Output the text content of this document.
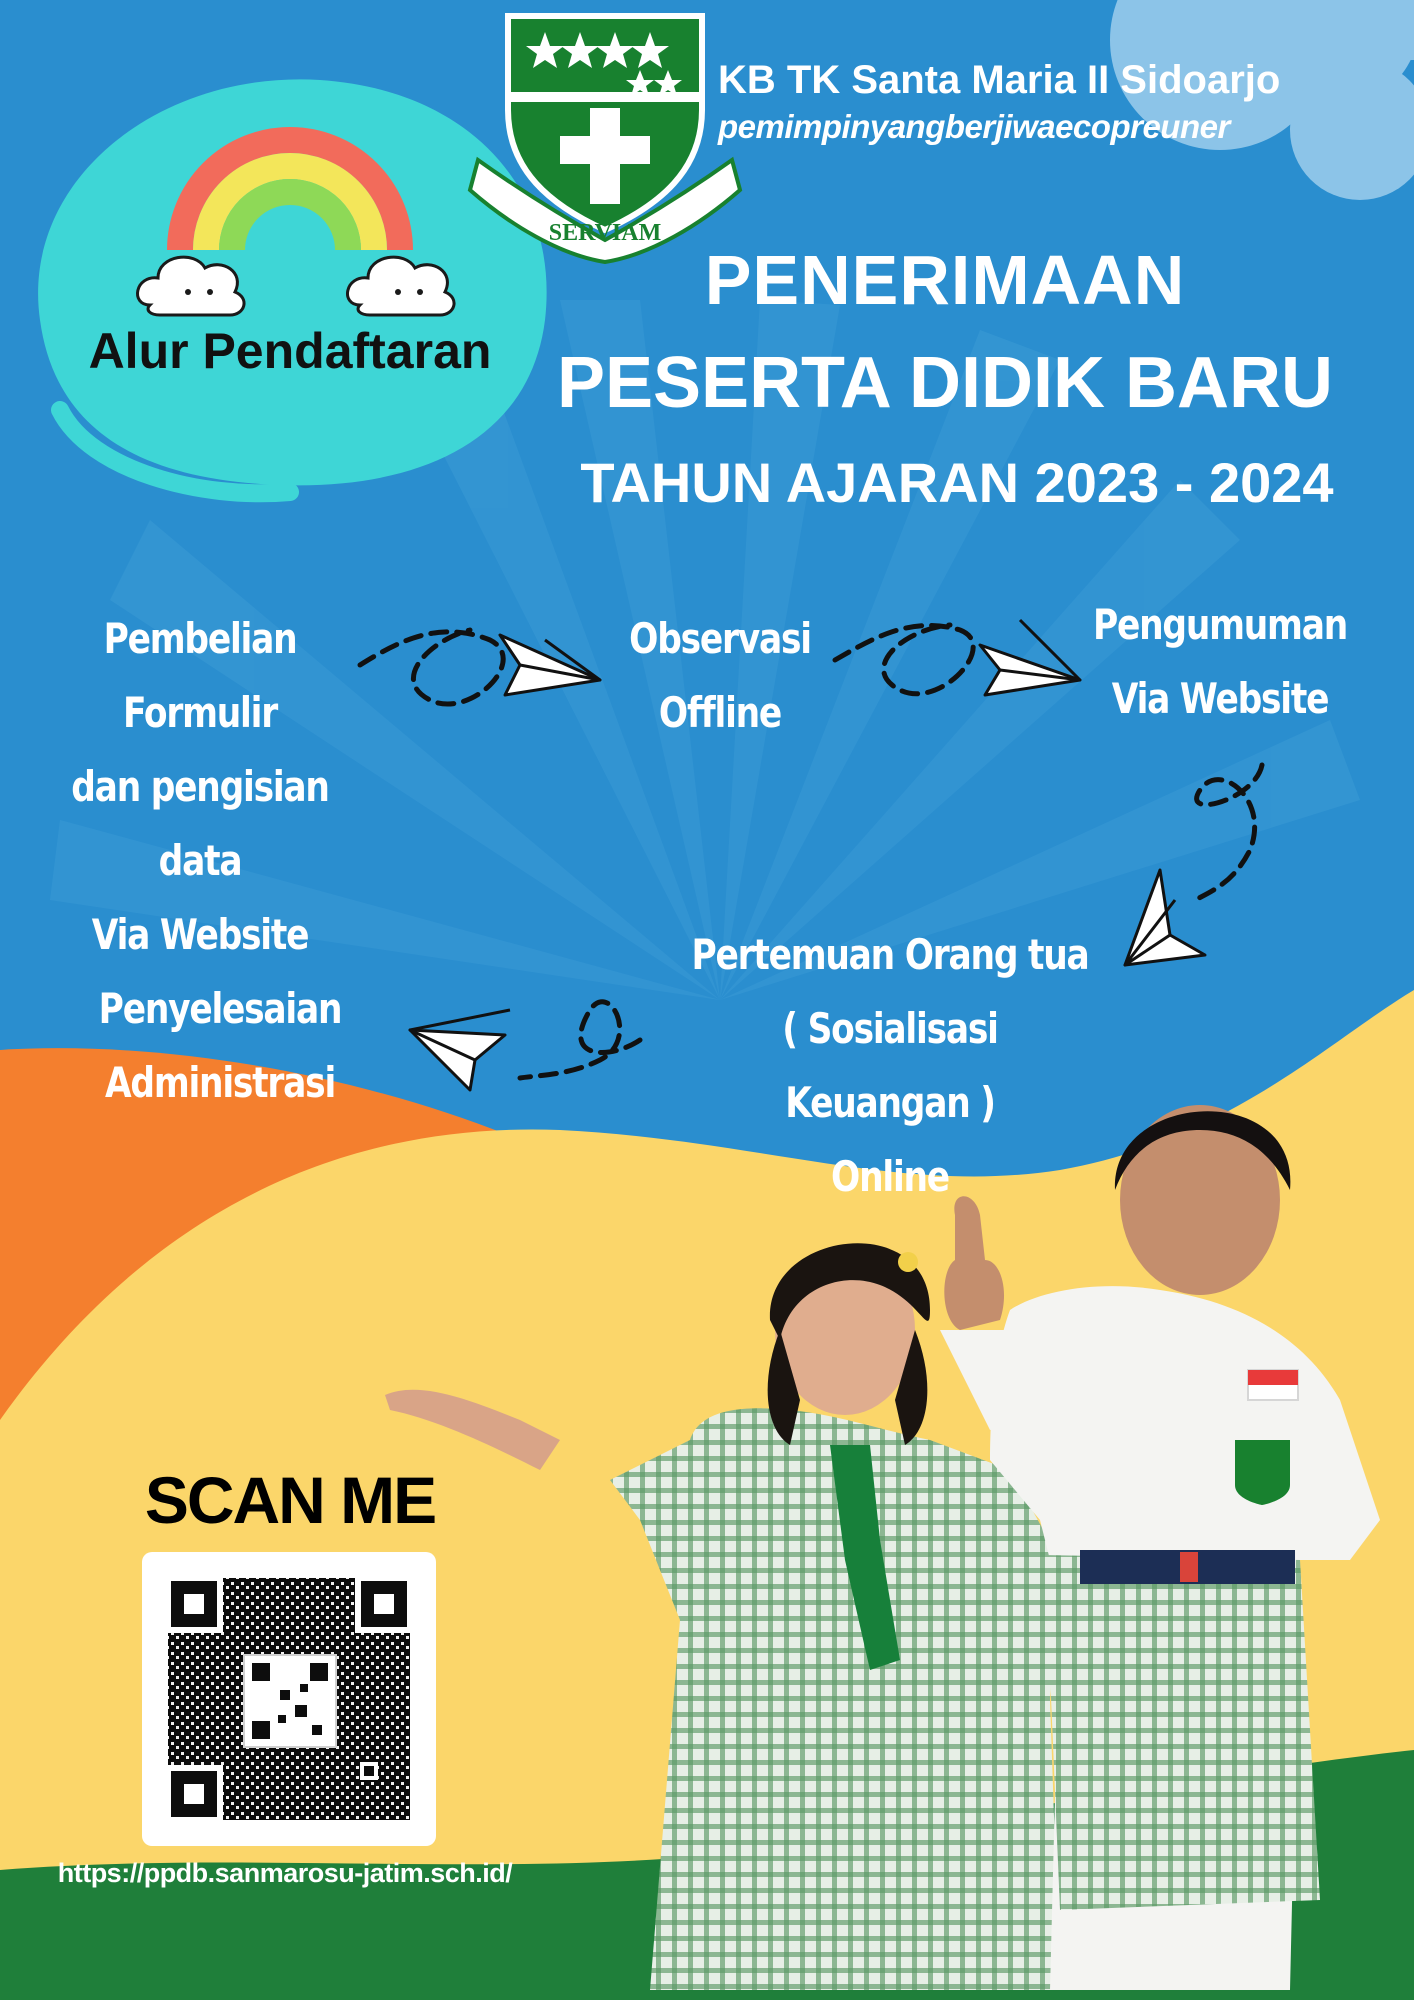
SERVIAM
KB TK Santa Maria II Sidoarjo
pemimpinyangberjiwaecopreuner
PENERIMAAN
PESERTA DIDIK BARU
TAHUN AJARAN 2023 - 2024
Alur Pendaftaran
Pembelian Formulir
dan pengisian data
Via Website
Observasi
Offline
Pengumuman
Via Website
Pertemuan Orang tua
( Sosialisasi Keuangan )
Online
Penyelesaian
Administrasi
SCAN ME
https://ppdb.sanmarosu-jatim.sch.id/
